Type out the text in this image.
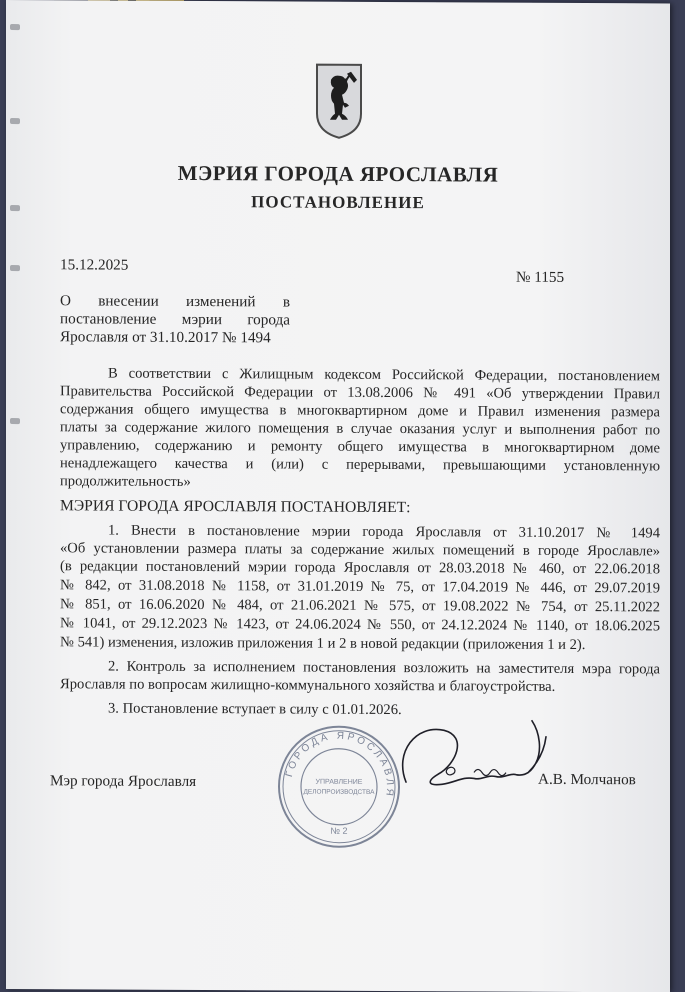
МЭРИЯ ГОРОДА ЯРОСЛАВЛЯ
ПОСТАНОВЛЕНИЕ
15.12.2025
№ 1155
О внесении изменений в
постановление мэрии города
Ярославля от 31.10.2017 № 1494
В соответствии с Жилищным кодексом Российской Федерации, постановлением
Правительства Российской Федерации от 13.08.2006 № 491 «Об утверждении Правил
содержания общего имущества в многоквартирном доме и Правил изменения размера
платы за содержание жилого помещения в случае оказания услуг и выполнения работ по
управлению, содержанию и ремонту общего имущества в многоквартирном доме
ненадлежащего качества и (или) с перерывами, превышающими установленную
продолжительность»
МЭРИЯ ГОРОДА ЯРОСЛАВЛЯ ПОСТАНОВЛЯЕТ:
1. Внести в постановление мэрии города Ярославля от 31.10.2017 № 1494
«Об установлении размера платы за содержание жилых помещений в городе Ярославле»
(в редакции постановлений мэрии города Ярославля от 28.03.2018 № 460, от 22.06.2018
№ 842, от 31.08.2018 № 1158, от 31.01.2019 № 75, от 17.04.2019 № 446, от 29.07.2019
№ 851, от 16.06.2020 № 484, от 21.06.2021 № 575, от 19.08.2022 № 754, от 25.11.2022
№ 1041, от 29.12.2023 № 1423, от 24.06.2024 № 550, от 24.12.2024 № 1140, от 18.06.2025
№ 541) изменения, изложив приложения 1 и 2 в новой редакции (приложения 1 и 2).
2. Контроль за исполнением постановления возложить на заместителя мэра города
Ярославля по вопросам жилищно-коммунального хозяйства и благоустройства.
3. Постановление вступает в силу с 01.01.2026.
Мэр города Ярославля	А.В. Молчанов
ГОРОДА ЯРОСЛАВЛЯ
УПРАВЛЕНИЕ
ДЕЛОПРОИЗВОДСТВА
№ 2
